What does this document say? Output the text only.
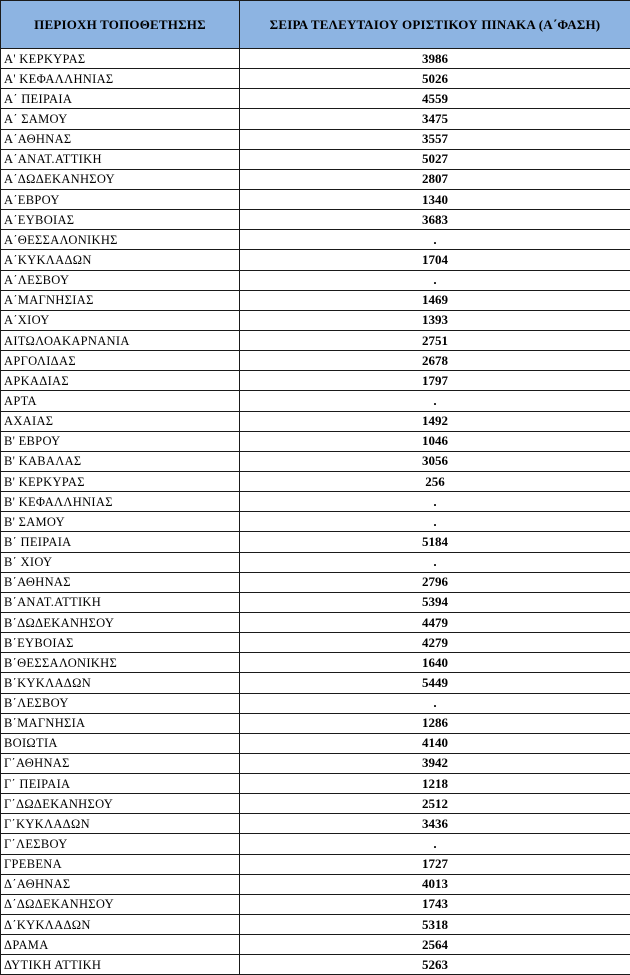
ΠΕΡΙΟΧΗ ΤΟΠΟΘΕΤΗΣΗΣ	ΣΕΙΡΑ ΤΕΛΕΥΤΑΙΟΥ ΟΡΙΣΤΙΚΟΥ ΠΙΝΑΚΑ (Α΄ΦΑΣΗ)
Α' ΚΕΡΚΥΡΑΣ	3986
Α' ΚΕΦΑΛΛΗΝΙΑΣ	5026
Α΄ ΠΕΙΡΑΙΑ	4559
Α΄ ΣΑΜΟΥ	3475
Α΄ΑΘΗΝΑΣ	3557
Α΄ΑΝΑΤ.ΑΤΤΙΚΗ	5027
Α΄ΔΩΔΕΚΑΝΗΣΟΥ	2807
Α΄ΕΒΡΟΥ	1340
Α΄ΕΥΒΟΙΑΣ	3683
Α΄ΘΕΣΣΑΛΟΝΙΚΗΣ	.
Α΄ΚΥΚΛΑΔΩΝ	1704
Α΄ΛΕΣΒΟΥ	.
Α΄ΜΑΓΝΗΣΙΑΣ	1469
Α΄ΧΙΟΥ	1393
ΑΙΤΩΛΟΑΚΑΡΝΑΝΙΑ	2751
ΑΡΓΟΛΙΔΑΣ	2678
ΑΡΚΑΔΙΑΣ	1797
ΑΡΤΑ	.
ΑΧΑΙΑΣ	1492
Β' ΕΒΡΟΥ	1046
Β' ΚΑΒΑΛΑΣ	3056
Β' ΚΕΡΚΥΡΑΣ	256
Β' ΚΕΦΑΛΛΗΝΙΑΣ	.
Β' ΣΑΜΟΥ	.
Β΄ ΠΕΙΡΑΙΑ	5184
Β΄ ΧΙΟΥ	.
Β΄ΑΘΗΝΑΣ	2796
Β΄ΑΝΑΤ.ΑΤΤΙΚΗ	5394
Β΄ΔΩΔΕΚΑΝΗΣΟΥ	4479
Β΄ΕΥΒΟΙΑΣ	4279
Β΄ΘΕΣΣΑΛΟΝΙΚΗΣ	1640
Β΄ΚΥΚΛΑΔΩΝ	5449
Β΄ΛΕΣΒΟΥ	.
Β΄ΜΑΓΝΗΣΙΑ	1286
ΒΟΙΩΤΙΑ	4140
Γ΄ΑΘΗΝΑΣ	3942
Γ΄ ΠΕΙΡΑΙΑ	1218
Γ΄ΔΩΔΕΚΑΝΗΣΟΥ	2512
Γ΄ΚΥΚΛΑΔΩΝ	3436
Γ΄ΛΕΣΒΟΥ	.
ΓΡΕΒΕΝΑ	1727
Δ΄ΑΘΗΝΑΣ	4013
Δ΄ΔΩΔΕΚΑΝΗΣΟΥ	1743
Δ΄ΚΥΚΛΑΔΩΝ	5318
ΔΡΑΜΑ	2564
ΔΥΤΙΚΗ ΑΤΤΙΚΗ	5263
